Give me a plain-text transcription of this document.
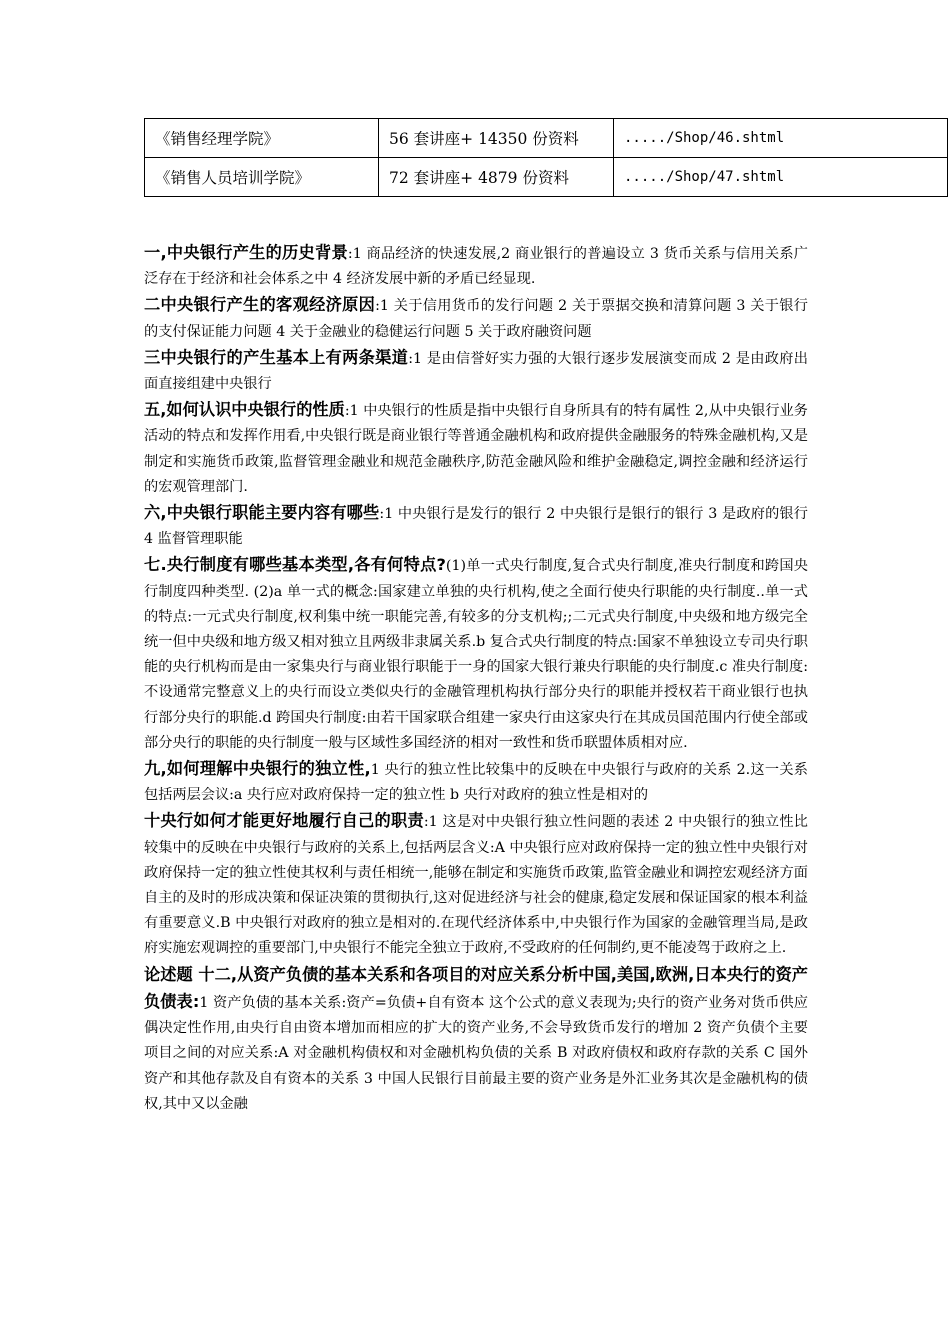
《销售经理学院》	56 套讲座+ 14350 份资料	...../Shop/46.shtml
《销售人员培训学院》	72 套讲座+ 4879 份资料	...../Shop/47.shtml

一,中央银行产生的历史背景:1 商品经济的快速发展,2 商业银行的普遍设立 3 货币关系与信用关系广泛存在于经济和社会体系之中 4 经济发展中新的矛盾已经显现.

二中央银行产生的客观经济原因:1 关于信用货币的发行问题 2 关于票据交换和清算问题 3 关于银行的支付保证能力问题 4 关于金融业的稳健运行问题 5 关于政府融资问题

三中央银行的产生基本上有两条渠道:1 是由信誉好实力强的大银行逐步发展演变而成 2 是由政府出面直接组建中央银行

五,如何认识中央银行的性质:1 中央银行的性质是指中央银行自身所具有的特有属性 2,从中央银行业务活动的特点和发挥作用看,中央银行既是商业银行等普通金融机构和政府提供金融服务的特殊金融机构,又是制定和实施货币政策,监督管理金融业和规范金融秩序,防范金融风险和维护金融稳定,调控金融和经济运行的宏观管理部门.

六,中央银行职能主要内容有哪些:1 中央银行是发行的银行 2 中央银行是银行的银行 3 是政府的银行 4 监督管理职能

七.央行制度有哪些基本类型,各有何特点?(1)单一式央行制度,复合式央行制度,准央行制度和跨国央行制度四种类型. (2)a 单一式的概念:国家建立单独的央行机构,使之全面行使央行职能的央行制度..单一式的特点:一元式央行制度,权利集中统一职能完善,有较多的分支机构;;二元式央行制度,中央级和地方级完全统一但中央级和地方级又相对独立且两级非隶属关系.b 复合式央行制度的特点:国家不单独设立专司央行职能的央行机构而是由一家集央行与商业银行职能于一身的国家大银行兼央行职能的央行制度.c 准央行制度:不设通常完整意义上的央行而设立类似央行的金融管理机构执行部分央行的职能并授权若干商业银行也执行部分央行的职能.d 跨国央行制度:由若干国家联合组建一家央行由这家央行在其成员国范围内行使全部或部分央行的职能的央行制度一般与区域性多国经济的相对一致性和货币联盟体质相对应.

九,如何理解中央银行的独立性,1 央行的独立性比较集中的反映在中央银行与政府的关系 2.这一关系包括两层会议:a 央行应对政府保持一定的独立性 b 央行对政府的独立性是相对的

十央行如何才能更好地履行自己的职责:1 这是对中央银行独立性问题的表述 2 中央银行的独立性比较集中的反映在中央银行与政府的关系上,包括两层含义:A 中央银行应对政府保持一定的独立性中央银行对政府保持一定的独立性使其权利与责任相统一,能够在制定和实施货币政策,监管金融业和调控宏观经济方面自主的及时的形成决策和保证决策的贯彻执行,这对促进经济与社会的健康,稳定发展和保证国家的根本利益有重要意义.B 中央银行对政府的独立是相对的.在现代经济体系中,中央银行作为国家的金融管理当局,是政府实施宏观调控的重要部门,中央银行不能完全独立于政府,不受政府的任何制约,更不能凌驾于政府之上.

论述题 十二,从资产负债的基本关系和各项目的对应关系分析中国,美国,欧洲,日本央行的资产负债表:1 资产负债的基本关系:资产=负债+自有资本 这个公式的意义表现为;央行的资产业务对货币供应偶决定性作用,由央行自由资本增加而相应的扩大的资产业务,不会导致货币发行的增加 2 资产负债个主要项目之间的对应关系:A 对金融机构债权和对金融机构负债的关系 B 对政府债权和政府存款的关系 C 国外资产和其他存款及自有资本的关系 3 中国人民银行目前最主要的资产业务是外汇业务其次是金融机构的债权,其中又以金融
